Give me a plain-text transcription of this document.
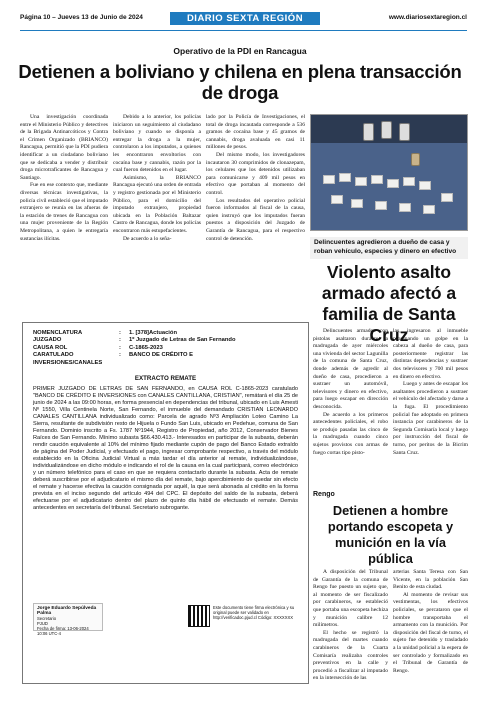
Página 10 – Jueves 13 de Junio de 2024	DIARIO SEXTA REGIÓN	www.diariosextaregion.cl
Operativo de la PDI en Rancagua
Detienen a boliviano y chilena en plena transacción de droga

Una investigación coordinada entre el Ministerio Público y detectives de la Brigada Antinarcóticos y Contra el Crimen Organizado (BRIANCO) Rancagua, permitió que la PDI pudiera identificar a un ciudadano boliviano que se dedicaba a vender y distribuir droga microtraficantes de Rancagua y Santiago.

Fue en ese contexto que, mediante diversas técnicas investigativas, la policía civil estableció que el imputado extranjero se reunía en las afueras de la estación de trenes de Rancagua con una mujer proveniente de la Región Metropolitana, a quien le entregaría sustancias ilícitas.

Debido a lo anterior, los policías iniciaron un seguimiento al ciudadano boliviano y cuando se disponía a entregar la droga a la mujer, controlaron a los imputados, a quienes les encontraron envoltorios con cocaína base y cannabis, razón por la cual fueron detenidos en el lugar.

Asimismo, la BRIANCO Rancagua ejecutó una orden de entrada y registro gestionada por el Ministerio Público, para el domicilio del imputado extranjero, propiedad ubicada en la Población Baltazar Castro de Rancagua, donde los policías encontraron más estupefacientes.

De acuerdo a lo seña-

lado por la Policía de Investigaciones, el total de droga incautada corresponde a 536 gramos de cocaína base y 45 gramos de cannabis, droga avaluada en casi 11 millones de pesos.

Del mismo modo, los investigadores incautaron 30 comprimidos de clonazepam, los celulares que los detenidos utilizaban para comunicarse y 409 mil pesos en efectivo que portaban al momento del control.

Los resultados del operativo policial fueron informados al fiscal de la causa, quien instruyó que los imputados fueran puestos a disposición del Juzgado de Garantía de Rancagua, para el respectivo control de detención.

Delincuentes agredieron a dueño de casa y roban vehículo, especies y dinero en efectivo
Violento asalto armado afectó a familia de Santa Cruz

Delincuentes armados con pistolas asaltaron durante la madrugada de ayer miércoles una vivienda del sector Lagunilla de la comuna de Santa Cruz, donde además de agredir al dueño de casa, procedieron a sustraer un automóvil, televisores y dinero en efectivo, para luego escapar en dirección desconocida.

De acuerdo a los primeros antecedentes policiales, el robo se produjo pasadas las cinco de la madrugada cuando cinco sujetos provistos con armas de fuego cortas tipo pisto-

las, ingresaron al inmueble propinando un golpe en la cabeza al dueño de casa, para posteriormente registrar las distintas dependencias y sustraer dos televisores y 700 mil pesos en dinero en efectivo.

Luego y antes de escapar los asaltantes procedieron a sustraer el vehículo del afectado y darse a la fuga. El procedimiento policial fue adoptado en primera instancia por carabineros de la Segunda Comisaría local y luego por instrucción del fiscal de turno, por peritos de la Bicrim Santa Cruz.

NOMENCLATURA	:	1. [378]Actuación
JUZGADO	:	1º Juzgado de Letras de San Fernando
CAUSA ROL	:	C-1865-2023
CARATULADO	:	BANCO DE CRÉDITO E
INVERSIONES/CANALES
EXTRACTO REMATE
PRIMER JUZGADO DE LETRAS DE SAN FERNANDO, en CAUSA ROL C-1865-2023 caratulado "BANCO DE CRÉDITO E INVERSIONES con CANALES CANTILLANA, CRISTIAN", remátará el día 25 de junio de 2024 a las 09:00 horas, en forma presencial en dependencias del tribunal, ubicado en Luis Amesti Nº 1550, Villa Centinela Norte, San Fernando, el inmueble del demandado CRISTIAN LEONARDO CANALES CANTILLANA individualizado como: Parcela de agrado Nº3 Ampliación Loteo Camino La Sierra, resultante de subdivisión resto de Hijuela o Fundo San Luis, ubicado en Pedehue, comuna de San Fernando. Dominio inscrito a Fs. 1787 Nº1944, Registro de Propiedad, año 2012, Conservador Bienes Raíces de San Fernando. Mínimo subasta $66.430.413.- Interesados en participar de la subasta, deberán rendir caución equivalente al 10% del mínimo fijado mediante cupón de pago del Banco Estado extraído de página del Poder Judicial, y efectuado el pago, ingresar comprobante respectivo, a través del módulo establecido en la Oficina Judicial Virtual a más tardar el día anterior al remate, individualizándose, individualizándose en dicho módulo e indicando el rol de la causa en la cual participará, correo electrónico y un número telefónico para el caso en que se requiera contactarlo durante la subasta. Acta de remate deberá suscribirse por el adjudicatario el mismo día del remate, bajo apercibimiento de quedar sin efecto el remate y hacerse efectiva la caución consignada por aquél, la que será abonada al crédito en la forma prevista en el inciso segundo del artículo 494 del CPC. El depósito del saldo de la subasta, deberá efectuarse por el adjudicatario dentro del plazo de quinto día hábil de efectuado el remate. Demás antecedentes en secretaría del tribunal. Secretario subrogante.
Jorge Eduardo Sepúlveda Palma
Secretario
PJUD
Fecha de firma: 13-06-2024 10:06 UTC-4
Este documento tiene firma electrónica y su original puede ser validado en http://verificadoc.pjud.cl Código: XXXXXXX
Rengo
Detienen a hombre portando escopeta y munición en la vía pública

A disposición del Tribunal de Garantía de la comuna de Rengo fue puesto un sujeto que, al momento de ser fiscalizado por carabineros, se estableció que portaba una escopeta hechiza y munición calibre 12 milímetros.

El hecho se registró la madrugada del martes cuando carabineros de la Cuarta Comisaría realizaba controles preventivos en la calle y procedió a fiscalizar al imputado en la intersección de las

arterias Santa Teresa con San Vicente, en la población San Benito de esta ciudad.

Al momento de revisar sus vestimentas, los efectivos policiales, se percataron que el hombre transportaba el armamento con la munición. Por disposición del fiscal de turno, el sujeto fue detenido y trasladado a la unidad policial a la espera de ser controlado y formalizado en el Tribunal de Garantía de Rengo.
